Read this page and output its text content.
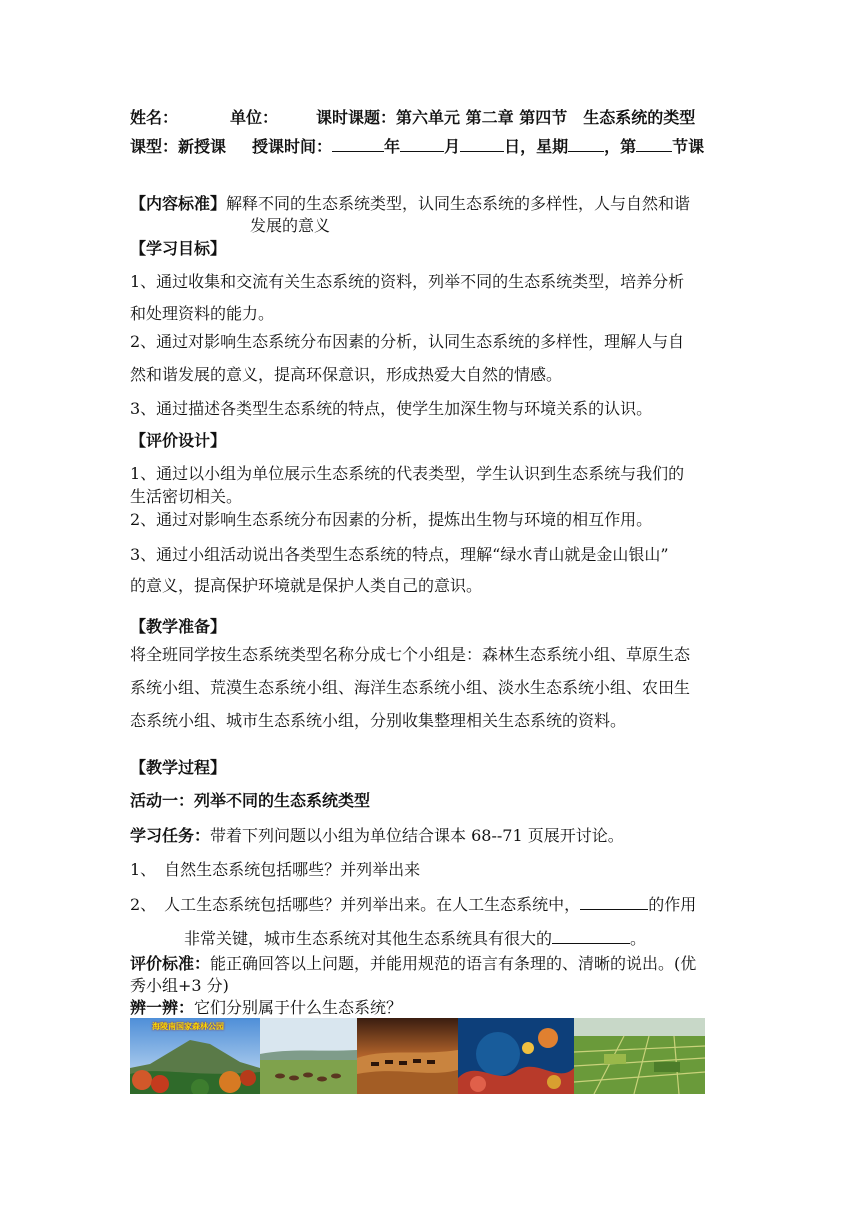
姓名：	单位： 课时课题：第六单元 第二章 第四节　生态系统的类型
课型：新授课 授课时间：	年	月	日，星期 ，第 节课
【内容标准】解释不同的生态系统类型，认同生态系统的多样性，人与自然和谐
发展的意义
【学习目标】
1、通过收集和交流有关生态系统的资料，列举不同的生态系统类型，培养分析
和处理资料的能力。
2、通过对影响生态系统分布因素的分析，认同生态系统的多样性，理解人与自
然和谐发展的意义，提高环保意识，形成热爱大自然的情感。
3、通过描述各类型生态系统的特点，使学生加深生物与环境关系的认识。
【评价设计】
1、通过以小组为单位展示生态系统的代表类型，学生认识到生态系统与我们的
生活密切相关。
2、通过对影响生态系统分布因素的分析，提炼出生物与环境的相互作用。
3、通过小组活动说出各类型生态系统的特点，理解“绿水青山就是金山银山”
的意义，提高保护环境就是保护人类自己的意识。
【教学准备】
将全班同学按生态系统类型名称分成七个小组是：森林生态系统小组、草原生态
系统小组、荒漠生态系统小组、海洋生态系统小组、淡水生态系统小组、农田生
态系统小组、城市生态系统小组，分别收集整理相关生态系统的资料。
【教学过程】
活动一：列举不同的生态系统类型
学习任务：带着下列问题以小组为单位结合课本 68--71 页展开讨论。
1、　自然生态系统包括哪些？并列举出来
2、　人工生态系统包括哪些？并列举出来。在人工生态系统中，	的作用
非常关键，城市生态系统对其他生态系统具有很大的	。
评价标准：能正确回答以上问题，并能用规范的语言有条理的、清晰的说出。(优
秀小组+3 分)
辨一辨：它们分别属于什么生态系统？
海陵南国家森林公园
